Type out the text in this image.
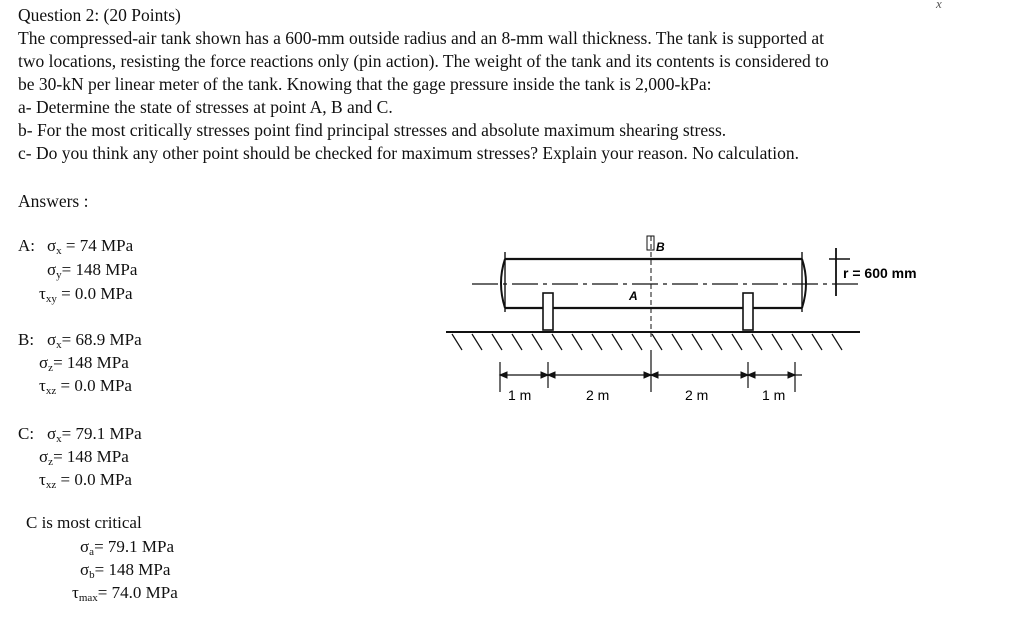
Question 2: (20 Points)
x
The compressed-air tank shown has a 600-mm outside radius and an 8-mm wall thickness. The tank is supported at
two locations, resisting the force reactions only (pin action). The weight of the tank and its contents is considered to
be 30-kN per linear meter of the tank. Knowing that the gage pressure inside the tank is 2,000-kPa:
a- Determine the state of stresses at point A, B and C.
b- For the most critically stresses point find principal stresses and absolute maximum shearing stress.
c- Do you think any other point should be checked for maximum stresses? Explain your reason. No calculation.
Answers :
A: $\sigma_x = 74$ MPa
$\sigma_y= 148$ MPa
$\tau_{xy} = 0.0$ MPa
B: $\sigma_x= 68.9$ MPa
$\sigma_z= 148$ MPa
$\tau_{xz} = 0.0$ MPa
C: $\sigma_x= 79.1$ MPa
$\sigma_z= 148$ MPa
$\tau_{xz} = 0.0$ MPa
C is most critical
$\sigma_a= 79.1$ MPa
$\sigma_b= 148$ MPa
$\tau_{max}= 74.0$ MPa
B
A
r = 600 mm
1 m	2 m	2 m	1 m
